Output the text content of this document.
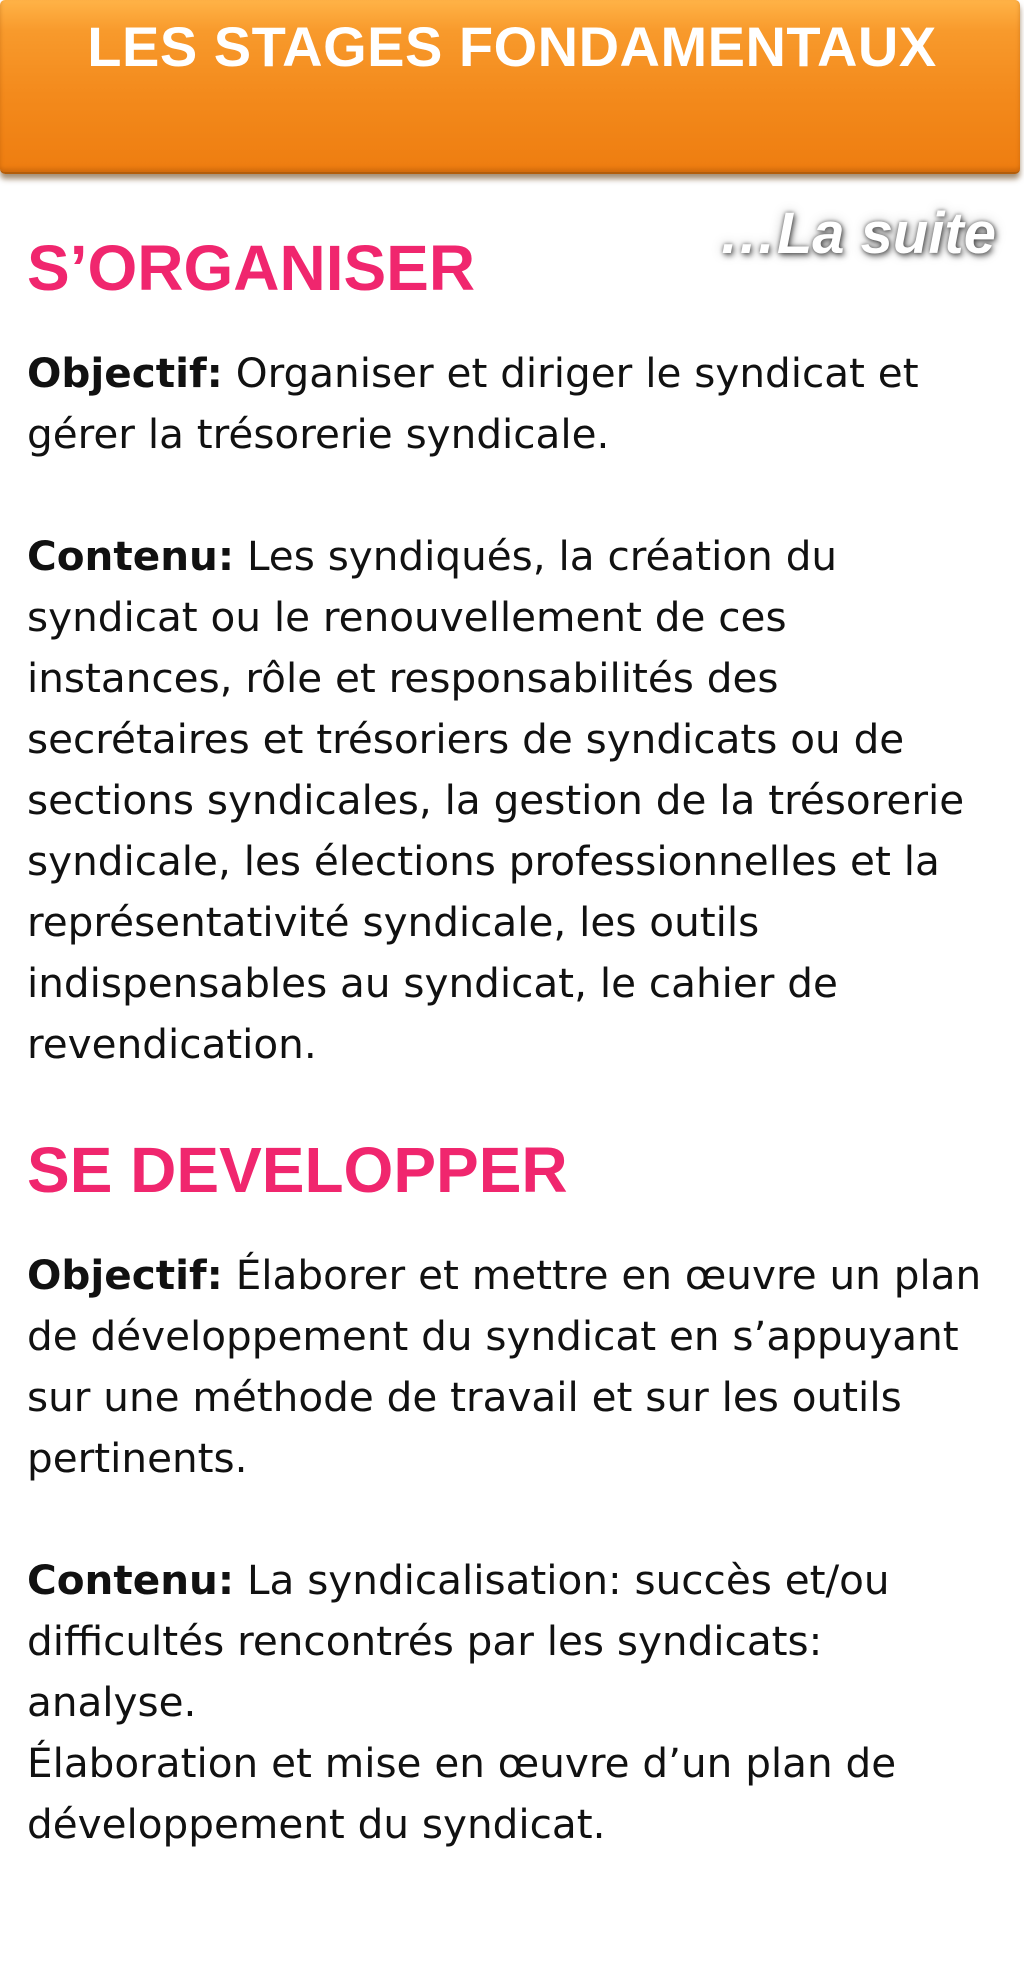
LES STAGES FONDAMENTAUX
…La suite
S’ORGANISER

Objectif: Organiser et diriger le syndicat et gérer la trésorerie syndicale.

Contenu: Les syndiqués, la création du syndicat ou le renouvellement de ces instances, rôle et responsabilités des secrétaires et trésoriers de syndicats ou de sections syndicales, la gestion de la trésorerie syndicale, les élections professionnelles et la représentativité syndicale, les outils indispensables au syndicat, le cahier de revendication.

SE DEVELOPPER

Objectif: Élaborer et mettre en œuvre un plan de développement du syndicat en s’appuyant sur une méthode de travail et sur les outils pertinents.

Contenu: La syndicalisation: succès et/ou difficultés rencontrés par les syndicats: analyse.

Élaboration et mise en œuvre d’un plan de développement du syndicat.
